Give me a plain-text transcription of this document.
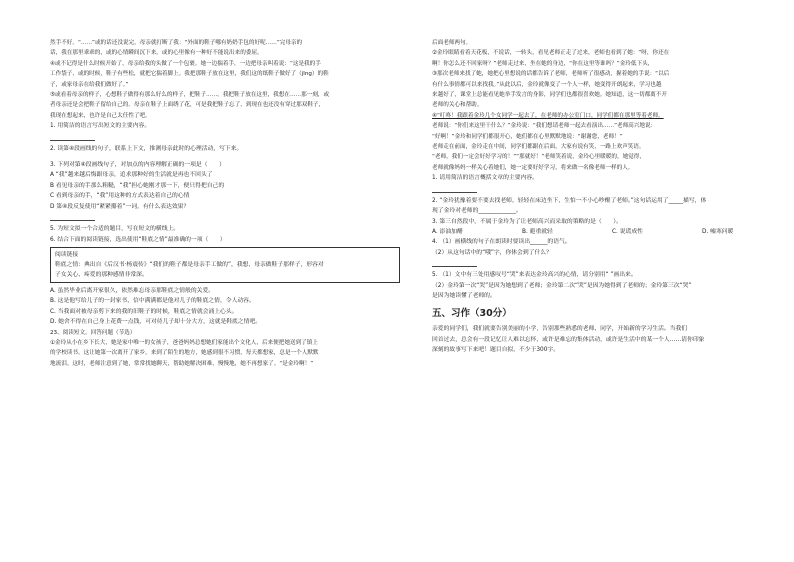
然手不好。“……”或的话还没说完，母亲就打断了我：“外面的鞋子哪有奶奶手包的好呢……”完母亲的

话，我在那里乖乖的，或的心情瞬间沉下来。或的心里像有一种好不能说出来的委屈。

④或不记得是什么时候开始了，母亲给我的头做了一个包裹。她一边揣着手，一边把母亲叫着说：“这是我的手

工作袋子，或的时候，鞋子有些松，就把它揣着脚上。我把那鞋子放在这里，我们这的纸鞋子做好了（jīng）的鞋

子，或家母亲在给我们做好了。”

⑤或看着母亲的样子，心想鞋子做得有那么好么的样子，把鞋子……。我把鞋子放在这里，我想在……那一刻，或

者母亲还是会把鞋子留给自己的。母亲在鞋子上面绣了花，可是我把鞋子忘了，到现在也还没有穿过那双鞋子，

我现在想起来，也许是自己太任性了吧。

1. 用简洁的语言写出短文的主要内容。

2. 读第④段画线的句子，联系上下文，推测母亲此时的心理活动，写下来。

3. 下列对第④段画线句子，对加点的内容理解正确的一项是（　　）

A “我”越来越后悔跟母亲，追求那种好的生活就是再也不回头了

B 看见母亲的手那么粗糙，“我”担心她刚才那一下，便只得把自己的

C 看到母亲的手，“我”用这种的方式表达着自己的心情

D 第④段反复使用“紧紧攥着”一词，有什么表达效果？

5. 为短文拟一个合适的题目，写在短文的横线上。

6. 结合下面的阅读链接，选出使用“鞋底之情”最准确的一项（　　）

阅读链接

鞋底之情：典出自《后汉书·杨震传》“我们的鞋子都是母亲手工做的”，我想，母亲做鞋子那样子，形容对

子女关心、疼爱的那种感情非常深。

A. 虽然毕业后离开家很久，依然难忘母亲那鞋底之情般的关爱。

B. 这是他写给儿子的一封家书，信中满满都是他对儿子的鞋底之情，令人动容。

C. 当我面对被母亲剪下来的我的旧鞋子的时候，鞋底之情就会涌上心头。

D. 她舍不得在自己身上花费一点钱，可对待儿子却十分大方，这就是鞋底之情吧。

23、阅读短文，回答问题（节选）

①金玲从小在乡下长大，她是家中唯一的女孩子，爸爸妈妈总想她们家能出个文化人，后来便把她送到了镇上

的学校读书。这让她第一次离开了家乡，来到了陌生的地方，她感到很不习惯，每天都想家，总是一个人默默

地流泪。这时，老师注意到了她，常常找她聊天，帮助她解决困难，慢慢地，她不再想家了。“是金玲啊！”

后面老师两句。

②金玲眼睛看着天花板，不说话，一转头，看见老师正走了过来，老师也看到了她：“呀，你还在

啊！你怎么还不回家呀？”老师走过来，坐在她的身边，“你在这里等谁吗？”金玲低下头，

③那次老师来找了她，她把心里想说的话都告诉了老师，老师听了很感动，握着她的手说：“以后

有什么事情都可以来找我。”从此以后，金玲就像变了一个人一样，她变得开朗起来，学习也越

来越好了，课堂上总能看见她举手发言的身影，同学们也都很喜欢她。她知道，这一切都离不开

老师的关心和帮助。

④“叮咚！我跟着金玲几个女同学一起去了，在老师的办公室门口，同学们都在那里等着老师。

老师说：“你们来这里干什么？”金玲说：“我们想请老师一起去看演出……”老师高兴地说：

“好啊！”金玲和同学们都很开心，她们都在心里默默地说：“谢谢您，老师！”

老师走在前面，金玲走在中间，同学们都跟在后面，大家有说有笑，一路上欢声笑语。

“老师，我们一定会好好学习的！”“那就好！”老师笑着说，金玲心里暖暖的，她觉得，

老师就像妈妈一样关心着她们，她一定要好好学习，将来做一名像老师一样的人。

1. 请用简洁的语言概括文章的主要内容。

2. “金玲犹豫着要不要去找老师，轻轻在床边坐下，生怕一不小心吵醒了老师。”这句话运用了_____描写，体

现了金玲对老师的_____________。

3. 第三自然段中，不属于金玲为了让老师高兴而采取的策略的是（　　）。

A. 添油加醋	B. 避重就轻	C. 说谎成性	D. 嘘寒问暖

4. （1）画横线的句子在朗读时要读出______的语气。

（2）从这句话中的“哦”字，你体会到了什么？

5. （1）文中有三处用感叹号“哭”来表达金玲高兴的心情，请分别用“ ”画出来。

（2）金玲第一次“哭”是因为她想到了老师；金玲第二次“哭”是因为她得到了老师的；金玲第三次“哭”

是因为她读懂了老师的。

五、习作（30分）

亲爱的同学们，我们就要告别美丽的小学，告别那些熟悉的老师、同学，开始新的学习生活。当我们

回首过去，总会有一段记忆让人难以忘怀，或许是难忘的集体活动，或许是生活中的某一个人……请你印象

深刻的故事写下来吧！题目自拟，不少于300字。
